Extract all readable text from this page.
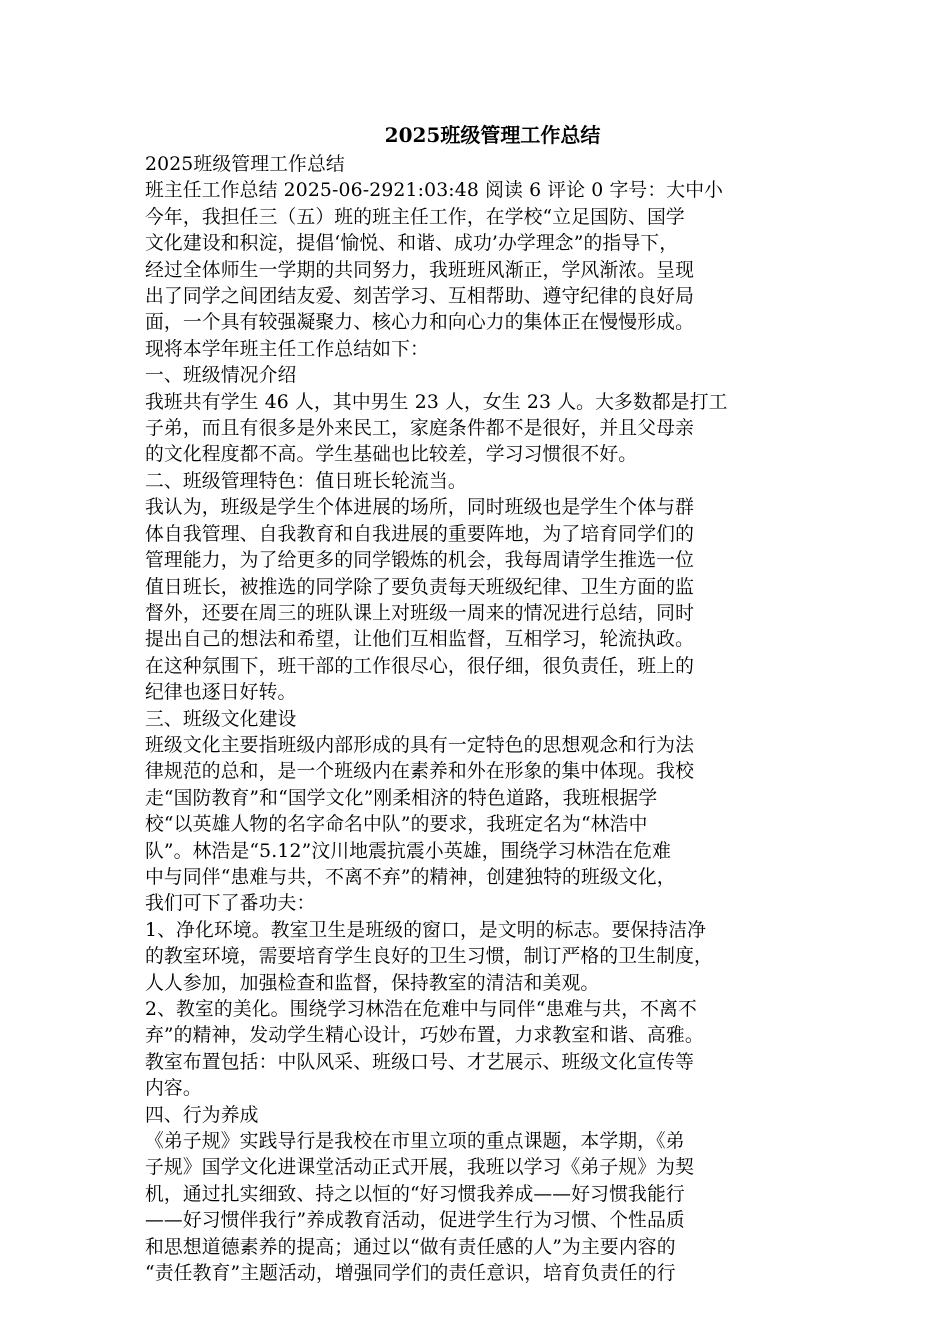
2025班级管理工作总结

2025班级管理工作总结

班主任工作总结 2025-06-2921:03:48 阅读 6 评论 0 字号：大中小

今年，我担任三（五）班的班主任工作，在学校“立足国防、国学

文化建设和积淀，提倡‘愉悦、和谐、成功’办学理念”的指导下，

经过全体师生一学期的共同努力，我班班风渐正，学风渐浓。呈现

出了同学之间团结友爱、刻苦学习、互相帮助、遵守纪律的良好局

面，一个具有较强凝聚力、核心力和向心力的集体正在慢慢形成。

现将本学年班主任工作总结如下：

一、班级情况介绍

我班共有学生 46 人，其中男生 23 人，女生 23 人。大多数都是打工

子弟，而且有很多是外来民工，家庭条件都不是很好，并且父母亲

的文化程度都不高。学生基础也比较差，学习习惯很不好。

二、班级管理特色：值日班长轮流当。

我认为，班级是学生个体进展的场所，同时班级也是学生个体与群

体自我管理、自我教育和自我进展的重要阵地，为了培育同学们的

管理能力，为了给更多的同学锻炼的机会，我每周请学生推选一位

值日班长，被推选的同学除了要负责每天班级纪律、卫生方面的监

督外，还要在周三的班队课上对班级一周来的情况进行总结，同时

提出自己的想法和希望，让他们互相监督，互相学习，轮流执政。

在这种氛围下，班干部的工作很尽心，很仔细，很负责任，班上的

纪律也逐日好转。

三、班级文化建设

班级文化主要指班级内部形成的具有一定特色的思想观念和行为法

律规范的总和，是一个班级内在素养和外在形象的集中体现。我校

走“国防教育”和“国学文化”刚柔相济的特色道路，我班根据学

校“以英雄人物的名字命名中队”的要求，我班定名为“林浩中

队”。林浩是“5.12”汶川地震抗震小英雄，围绕学习林浩在危难

中与同伴“患难与共，不离不弃”的精神，创建独特的班级文化，

我们可下了番功夫：

1、净化环境。教室卫生是班级的窗口，是文明的标志。要保持洁净

的教室环境，需要培育学生良好的卫生习惯，制订严格的卫生制度，

人人参加，加强检查和监督，保持教室的清洁和美观。

2、教室的美化。围绕学习林浩在危难中与同伴“患难与共，不离不

弃”的精神，发动学生精心设计，巧妙布置，力求教室和谐、高雅。

教室布置包括：中队风采、班级口号、才艺展示、班级文化宣传等

内容。

四、行为养成

《弟子规》实践导行是我校在市里立项的重点课题，本学期，《弟

子规》国学文化进课堂活动正式开展，我班以学习《弟子规》为契

机，通过扎实细致、持之以恒的“好习惯我养成——好习惯我能行

——好习惯伴我行”养成教育活动，促进学生行为习惯、个性品质

和思想道德素养的提高；通过以“做有责任感的人”为主要内容的

“责任教育”主题活动，增强同学们的责任意识，培育负责任的行
